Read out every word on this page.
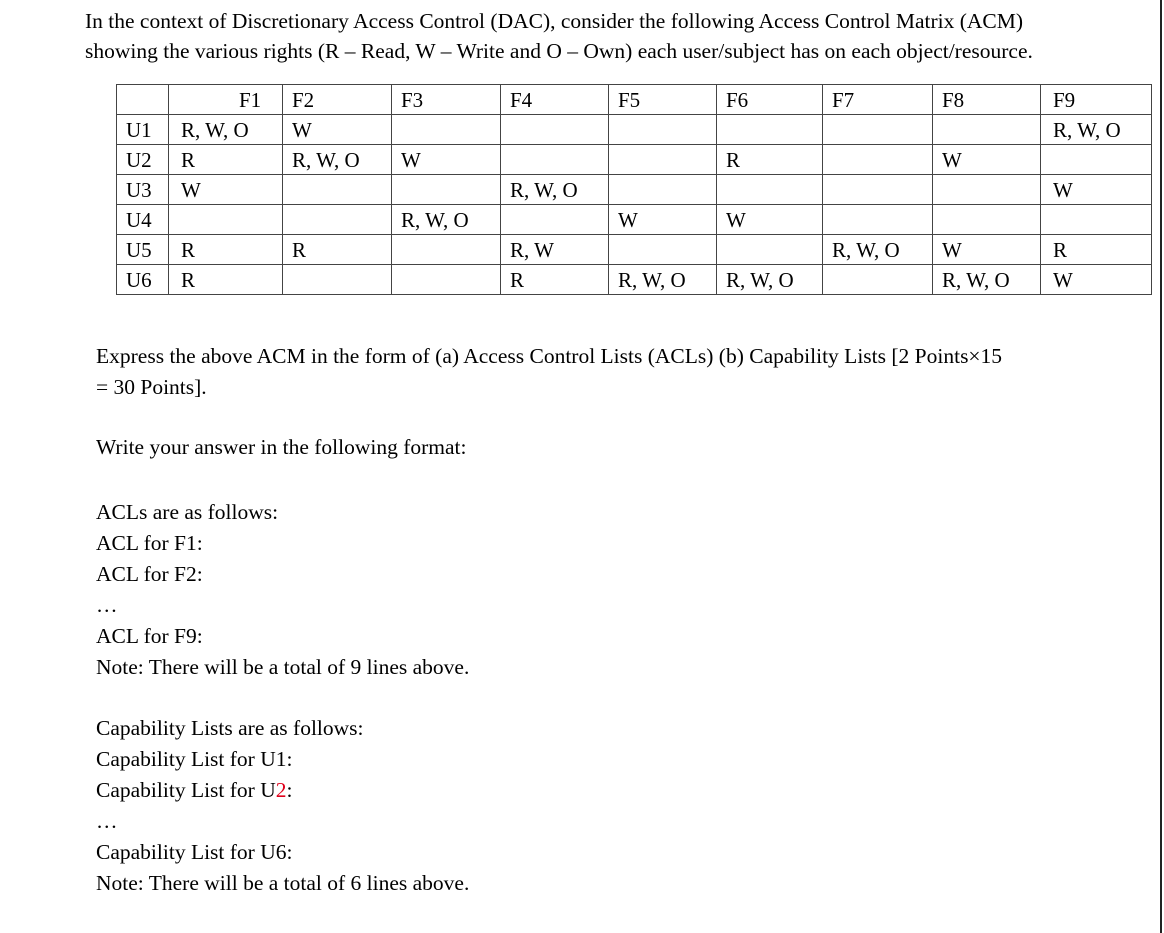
In the context of Discretionary Access Control (DAC), consider the following Access Control Matrix (ACM)
showing the various rights (R – Read, W – Write and O – Own) each user/subject has on each object/resource.

	F1	F2	F3	F4	F5	F6	F7	F8	F9
U1	R, W, O	W							R, W, O
U2	R	R, W, O	W			R		W	
U3	W			R, W, O					W
U4			R, W, O		W	W			
U5	R	R		R, W			R, W, O	W	R
U6	R			R	R, W, O	R, W, O		R, W, O	W
Express the above ACM in the form of (a) Access Control Lists (ACLs) (b) Capability Lists [2 Points×15
= 30 Points].
Write your answer in the following format:
ACLs are as follows:
ACL for F1:
ACL for F2:
…
ACL for F9:
Note: There will be a total of 9 lines above.
Capability Lists are as follows:
Capability List for U1:
Capability List for U2:
…
Capability List for U6:
Note: There will be a total of 6 lines above.
